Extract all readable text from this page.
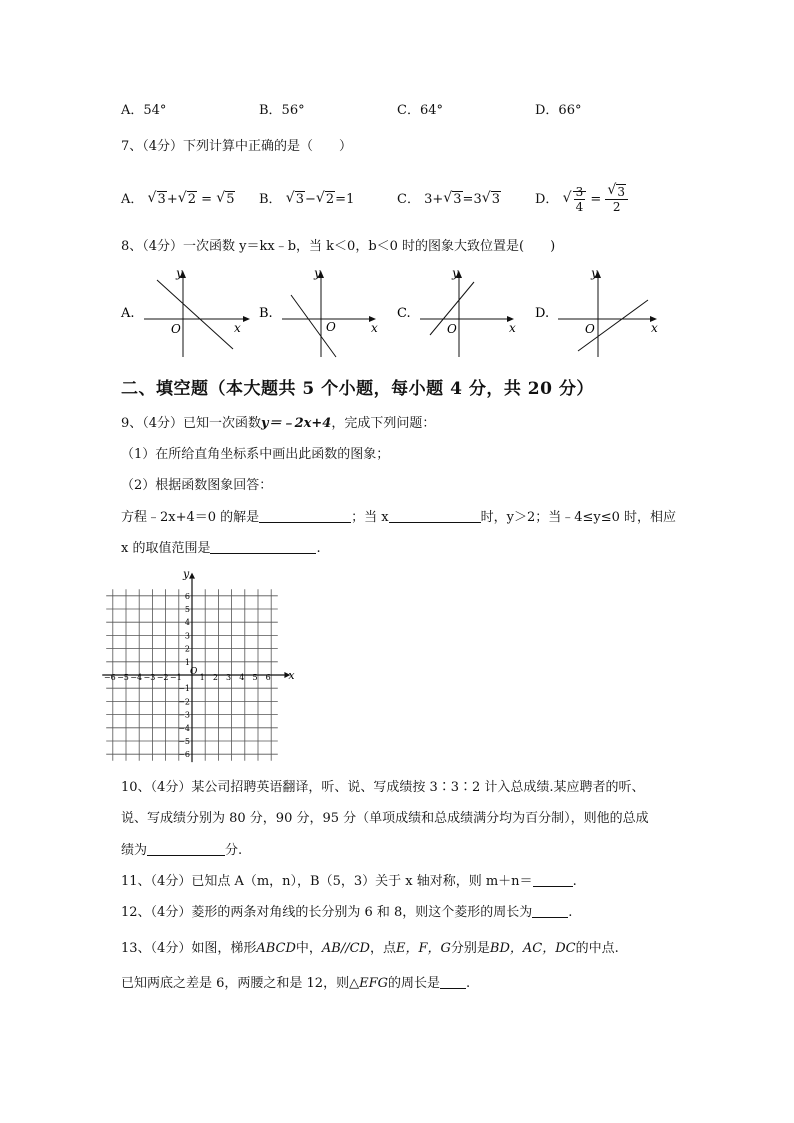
A．54°	B．56°	C．64°	D．66°
7、（4分）下列计算中正确的是（　　）
A． √ 3+ √ 2 = √ 5 B． √ 3− √ 2=1	C． 3+ √ 3=3 √ 3	D． √ $\frac{3}{4}$ = √ $\frac{3}{2}$
8、（4分）一次函数 y＝kx﹣b，当 k＜0，b＜0 时的图象大致位置是(　　)
A.
y
x
O
B.
y
x
O
C.
y
x
O
D.
y
x
O
二、填空题（本大题共 5 个小题，每小题 4 分，共 20 分）
9、（4分）已知一次函数y＝﹣2x+4，完成下列问题：
（1）在所给直角坐标系中画出此函数的图象；
（2）根据函数图象回答：
方程﹣2x+4＝0 的解是	；当 x	时，y＞2；当﹣4≤y≤0 时，相应
x 的取值范围是	.
x
y
O
−6 −5 −4 −3 −2 −1 1 2 3 4 5 6
6
5
4
3
2
1
−1
−2
−3
−4
−5
−6
10、（4分）某公司招聘英语翻译，听、说、写成绩按 3∶3∶2 计入总成绩.某应聘者的听、
说、写成绩分别为 80 分，90 分，95 分（单项成绩和总成绩满分均为百分制），则他的总成
绩为	分.
11、（4分）已知点 A（m，n），B（5，3）关于 x 轴对称，则 m＋n＝	.
12、（4分）菱形的两条对角线的长分别为 6 和 8，则这个菱形的周长为	.
13、（4分）如图，梯形ABCD中，AB//CD，点E，F，G分别是BD，AC，DC的中点.
已知两底之差是 6，两腰之和是 12，则△EFG的周长是 .
